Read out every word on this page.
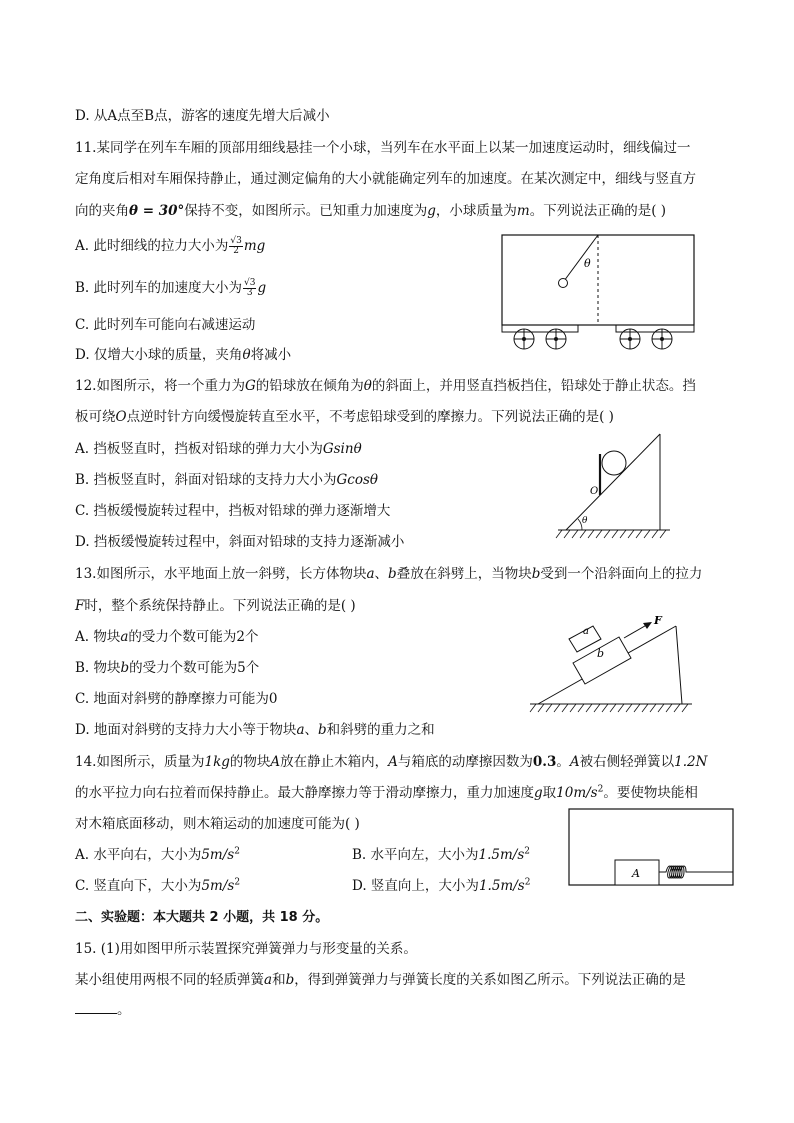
D. 从A点至B点，游客的速度先增大后减小
11.某同学在列车车厢的顶部用细线悬挂一个小球，当列车在水平面上以某一加速度运动时，细线偏过一
定角度后相对车厢保持静止，通过测定偏角的大小就能确定列车的加速度。在某次测定中，细线与竖直方
向的夹角θ = 30°保持不变，如图所示。已知重力加速度为g，小球质量为m。下列说法正确的是( )
A. 此时细线的拉力大小为 $\frac{√3}{2}$ mg
B. 此时列车的加速度大小为 $\frac{√3}{3}$ g
C. 此时列车可能向右减速运动
D. 仅增大小球的质量，夹角θ将减小
θ
12.如图所示，将一个重力为G的铅球放在倾角为θ的斜面上，并用竖直挡板挡住，铅球处于静止状态。挡
板可绕O点逆时针方向缓慢旋转直至水平，不考虑铅球受到的摩擦力。下列说法正确的是( )
A. 挡板竖直时，挡板对铅球的弹力大小为Gsinθ
B. 挡板竖直时，斜面对铅球的支持力大小为Gcosθ
C. 挡板缓慢旋转过程中，挡板对铅球的弹力逐渐增大
D. 挡板缓慢旋转过程中，斜面对铅球的支持力逐渐减小
O
θ
13.如图所示，水平地面上放一斜劈，长方体物块a、b叠放在斜劈上，当物块b受到一个沿斜面向上的拉力
F时，整个系统保持静止。下列说法正确的是( )
A. 物块a的受力个数可能为2个
B. 物块b的受力个数可能为5个
C. 地面对斜劈的静摩擦力可能为0
D. 地面对斜劈的支持力大小等于物块a、b和斜劈的重力之和
b
a
F
14.如图所示，质量为1kg的物块A放在静止木箱内，A与箱底的动摩擦因数为0.3。A被右侧轻弹簧以1.2N
的水平拉力向右拉着而保持静止。最大静摩擦力等于滑动摩擦力，重力加速度g取$10m/s^2$。要使物块能相
对木箱底面移动，则木箱运动的加速度可能为( )
A. 水平向右，大小为$5m/s^2$	B. 水平向左，大小为$1.5m/s^2$
C. 竖直向下，大小为$5m/s^2$	D. 竖直向上，大小为$1.5m/s^2$
A
二、实验题：本大题共 2 小题，共 18 分。
15. (1)用如图甲所示装置探究弹簧弹力与形变量的关系。
某小组使用两根不同的轻质弹簧a和b，得到弹簧弹力与弹簧长度的关系如图乙所示。下列说法正确的是
。
